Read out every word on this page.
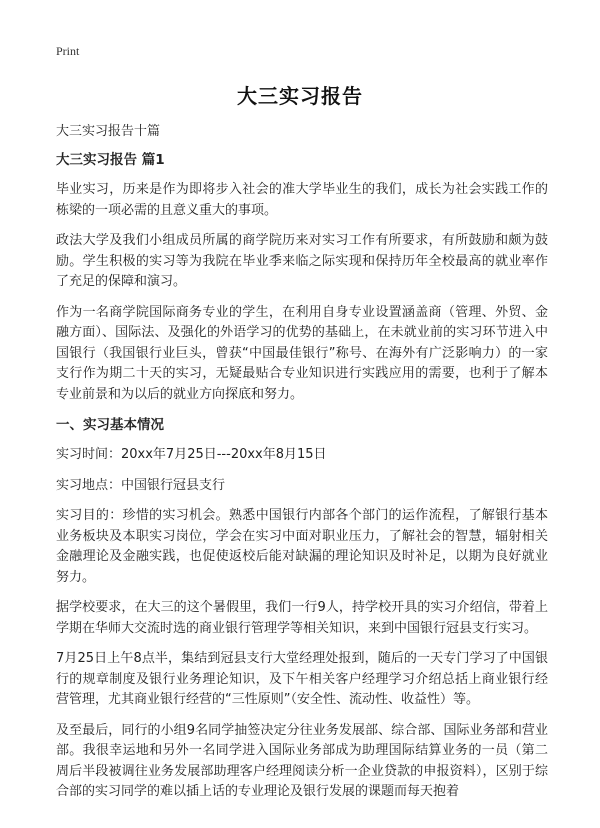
Print
大三实习报告
大三实习报告十篇
大三实习报告 篇1

毕业实习，历来是作为即将步入社会的准大学毕业生的我们，成长为社会实践工作的栋梁的一项必需的且意义重大的事项。

政法大学及我们小组成员所属的商学院历来对实习工作有所要求，有所鼓励和颇为鼓励。学生积极的实习等为我院在毕业季来临之际实现和保持历年全校最高的就业率作了充足的保障和演习。

作为一名商学院国际商务专业的学生，在利用自身专业设置涵盖商（管理、外贸、金融方面）、国际法、及强化的外语学习的优势的基础上，在未就业前的实习环节进入中国银行（我国银行业巨头，曾获“中国最佳银行”称号、在海外有广泛影响力）的一家支行作为期二十天的实习，无疑最贴合专业知识进行实践应用的需要，也利于了解本专业前景和为以后的就业方向探底和努力。

一、实习基本情况

实习时间：20xx年7月25日---20xx年8月15日

实习地点：中国银行冠县支行

实习目的：珍惜的实习机会。熟悉中国银行内部各个部门的运作流程，了解银行基本业务板块及本职实习岗位，学会在实习中面对职业压力，了解社会的智慧，辐射相关金融理论及金融实践，也促使返校后能对缺漏的理论知识及时补足，以期为良好就业努力。

据学校要求，在大三的这个暑假里，我们一行9人，持学校开具的实习介绍信，带着上学期在华师大交流时选的商业银行管理学等相关知识，来到中国银行冠县支行实习。

7月25日上午8点半，集结到冠县支行大堂经理处报到，随后的一天专门学习了中国银行的规章制度及银行业务理论知识，及下午相关客户经理学习介绍总括上商业银行经营管理，尤其商业银行经营的“三性原则”（安全性、流动性、收益性）等。

及至最后，同行的小组9名同学抽签决定分往业务发展部、综合部、国际业务部和营业部。我很幸运地和另外一名同学进入国际业务部成为助理国际结算业务的一员（第二周后半段被调往业务发展部助理客户经理阅读分析一企业贷款的申报资料），区别于综合部的实习同学的难以插上话的专业理论及银行发展的课题而每天抱着
